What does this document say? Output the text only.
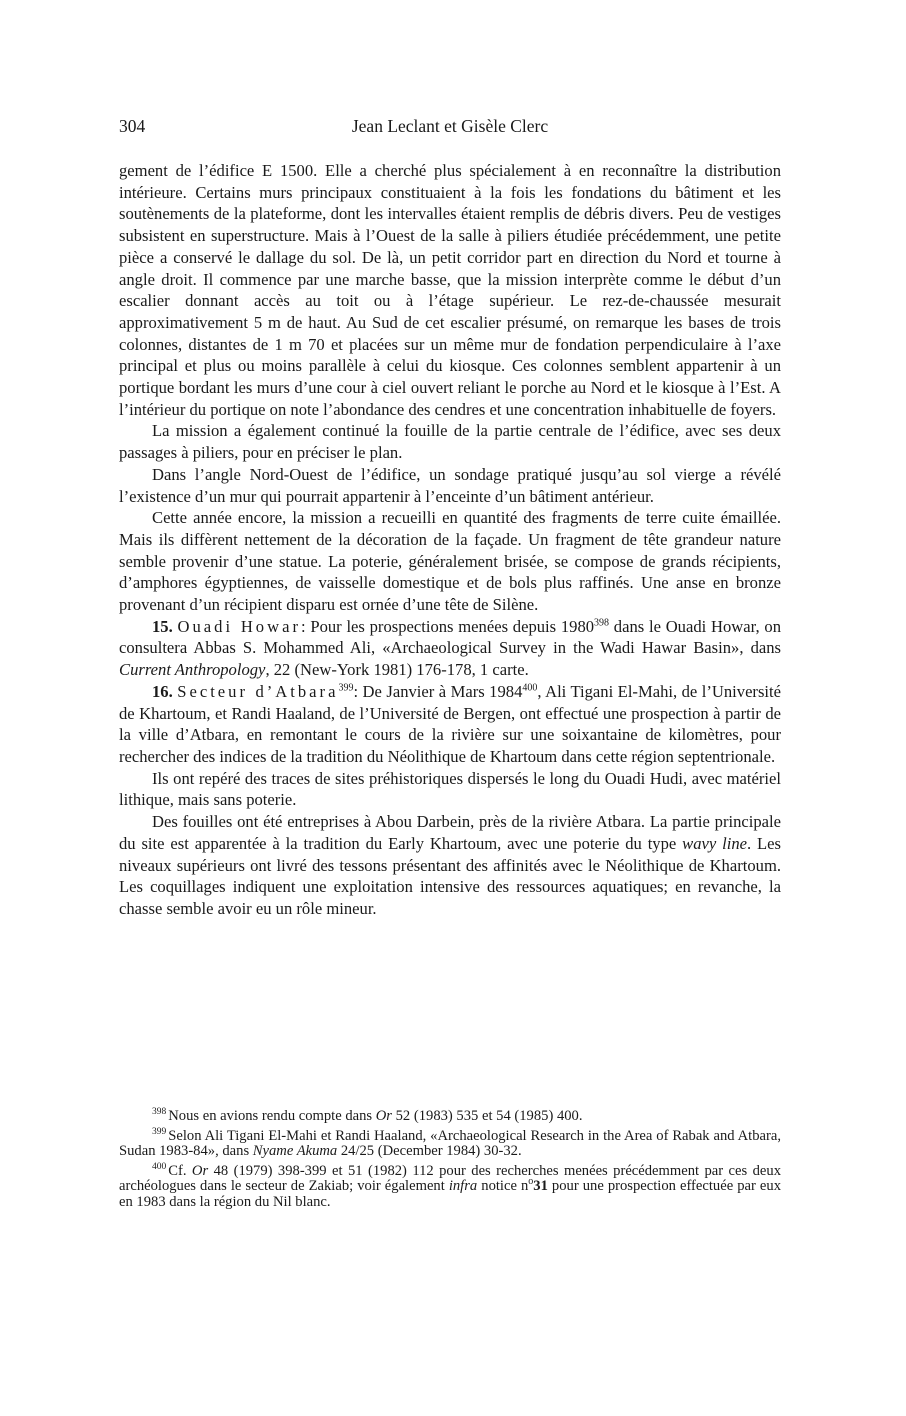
304	Jean Leclant et Gisèle Clerc

gement de l’édifice E 1500. Elle a cherché plus spécialement à en reconnaître la distribution intérieure. Certains murs principaux constituaient à la fois les fondations du bâtiment et les soutènements de la plateforme, dont les intervalles étaient remplis de débris divers. Peu de vestiges subsistent en superstructure. Mais à l’Ouest de la salle à piliers étudiée précédemment, une petite pièce a conservé le dallage du sol. De là, un petit corridor part en direction du Nord et tourne à angle droit. Il commence par une marche basse, que la mission interprète comme le début d’un escalier donnant accès au toit ou à l’étage supérieur. Le rez-de-chaussée mesurait approximativement 5 m de haut. Au Sud de cet escalier présumé, on remarque les bases de trois colonnes, distantes de 1 m 70 et placées sur un même mur de fondation perpendiculaire à l’axe principal et plus ou moins parallèle à celui du kiosque. Ces colonnes semblent appartenir à un portique bordant les murs d’une cour à ciel ouvert reliant le porche au Nord et le kiosque à l’Est. A l’intérieur du portique on note l’abondance des cendres et une concentration inhabituelle de foyers.

La mission a également continué la fouille de la partie centrale de l’édifice, avec ses deux passages à piliers, pour en préciser le plan.

Dans l’angle Nord-Ouest de l’édifice, un sondage pratiqué jusqu’au sol vierge a révélé l’existence d’un mur qui pourrait appartenir à l’enceinte d’un bâtiment antérieur.

Cette année encore, la mission a recueilli en quantité des fragments de terre cuite émaillée. Mais ils diffèrent nettement de la décoration de la façade. Un fragment de tête grandeur nature semble provenir d’une statue. La poterie, généralement brisée, se compose de grands récipients, d’amphores égyptiennes, de vaisselle domestique et de bols plus raffinés. Une anse en bronze provenant d’un récipient disparu est ornée d’une tête de Silène.

15. Ouadi Howar: Pour les prospections menées depuis 1980$^{398}$ dans le Ouadi Howar, on consultera Abbas S. Mohammed Ali, «Archaeological Survey in the Wadi Hawar Basin», dans Current Anthropology, 22 (New-York 1981) 176-178, 1 carte.

16. Secteur d’Atbara$^{399}$: De Janvier à Mars 1984$^{400}$, Ali Tigani El-Mahi, de l’Université de Khartoum, et Randi Haaland, de l’Université de Bergen, ont effectué une prospection à partir de la ville d’Atbara, en remontant le cours de la rivière sur une soixantaine de kilomètres, pour rechercher des indices de la tradition du Néolithique de Khartoum dans cette région septentrionale.

Ils ont repéré des traces de sites préhistoriques dispersés le long du Ouadi Hudi, avec matériel lithique, mais sans poterie.

Des fouilles ont été entreprises à Abou Darbein, près de la rivière Atbara. La partie principale du site est apparentée à la tradition du Early Khartoum, avec une poterie du type wavy line. Les niveaux supérieurs ont livré des tessons présentant des affinités avec le Néolithique de Khartoum. Les coquillages indiquent une exploitation intensive des ressources aquatiques; en revanche, la chasse semble avoir eu un rôle mineur.

$^{398}$ Nous en avions rendu compte dans Or 52 (1983) 535 et 54 (1985) 400.

$^{399}$ Selon Ali Tigani El-Mahi et Randi Haaland, «Archaeological Research in the Area of Rabak and Atbara, Sudan 1983-84», dans Nyame Akuma 24/25 (December 1984) 30-32.

$^{400}$ Cf. Or 48 (1979) 398-399 et 51 (1982) 112 pour des recherches menées précédemment par ces deux archéologues dans le secteur de Zakiab; voir également infra notice $n^o31$ pour une prospection effectuée par eux en 1983 dans la région du Nil blanc.
